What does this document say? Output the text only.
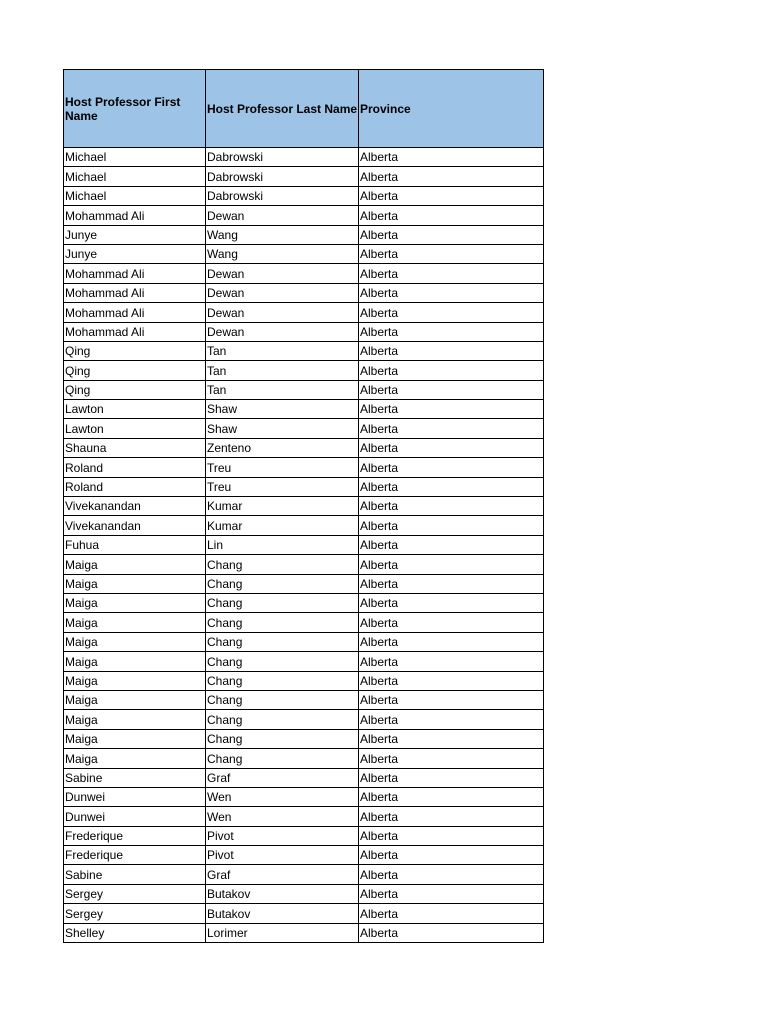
Host Professor First Name	Host Professor Last Name	Province
Michael	Dabrowski	Alberta
Michael	Dabrowski	Alberta
Michael	Dabrowski	Alberta
Mohammad Ali	Dewan	Alberta
Junye	Wang	Alberta
Junye	Wang	Alberta
Mohammad Ali	Dewan	Alberta
Mohammad Ali	Dewan	Alberta
Mohammad Ali	Dewan	Alberta
Mohammad Ali	Dewan	Alberta
Qing	Tan	Alberta
Qing	Tan	Alberta
Qing	Tan	Alberta
Lawton	Shaw	Alberta
Lawton	Shaw	Alberta
Shauna	Zenteno	Alberta
Roland	Treu	Alberta
Roland	Treu	Alberta
Vivekanandan	Kumar	Alberta
Vivekanandan	Kumar	Alberta
Fuhua	Lin	Alberta
Maiga	Chang	Alberta
Maiga	Chang	Alberta
Maiga	Chang	Alberta
Maiga	Chang	Alberta
Maiga	Chang	Alberta
Maiga	Chang	Alberta
Maiga	Chang	Alberta
Maiga	Chang	Alberta
Maiga	Chang	Alberta
Maiga	Chang	Alberta
Maiga	Chang	Alberta
Sabine	Graf	Alberta
Dunwei	Wen	Alberta
Dunwei	Wen	Alberta
Frederique	Pivot	Alberta
Frederique	Pivot	Alberta
Sabine	Graf	Alberta
Sergey	Butakov	Alberta
Sergey	Butakov	Alberta
Shelley	Lorimer	Alberta
